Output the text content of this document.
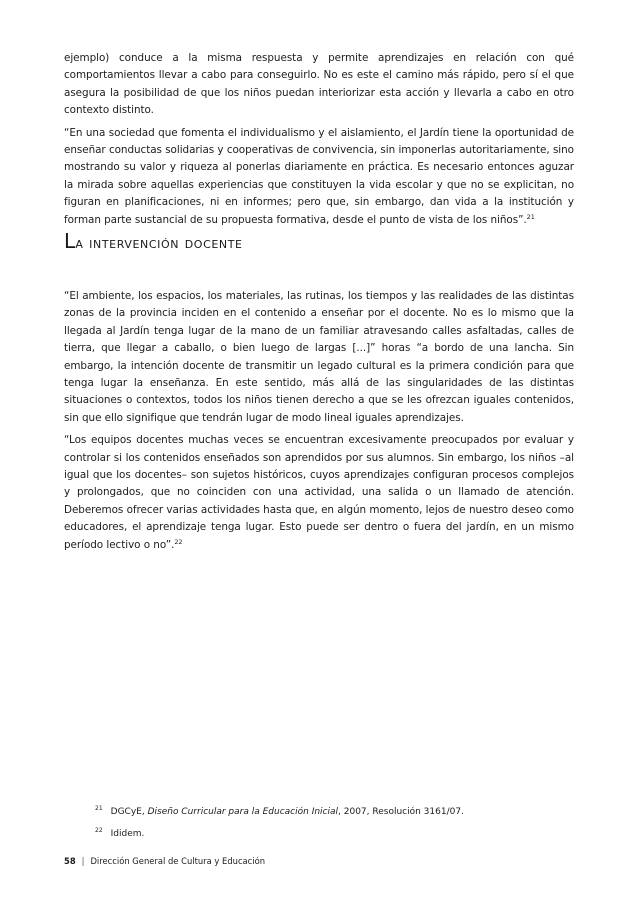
ejemplo) conduce a la misma respuesta y permite aprendizajes en relación con qué comportamientos llevar a cabo para conseguirlo. No es este el camino más rápido, pero sí el que asegura la posibilidad de que los niños puedan interiorizar esta acción y llevarla a cabo en otro contexto distinto.

“En una sociedad que fomenta el individualismo y el aislamiento, el Jardín tiene la oportunidad de enseñar conductas solidarias y cooperativas de convivencia, sin imponerlas autoritariamente, sino mostrando su valor y riqueza al ponerlas diariamente en práctica. Es necesario entonces aguzar la mirada sobre aquellas experiencias que constituyen la vida escolar y que no se explicitan, no figuran en planificaciones, ni en informes; pero que, sin embargo, dan vida a la institución y forman parte sustancial de su propuesta formativa, desde el punto de vista de los niños”.$^{21}$

La intervención docente

“El ambiente, los espacios, los materiales, las rutinas, los tiempos y las realidades de las distintas zonas de la provincia inciden en el contenido a enseñar por el docente. No es lo mismo que la llegada al Jardín tenga lugar de la mano de un familiar atravesando calles asfaltadas, calles de tierra, que llegar a caballo, o bien luego de largas [...]” horas “a bordo de una lancha. Sin embargo, la intención docente de transmitir un legado cultural es la primera condición para que tenga lugar la enseñanza. En este sentido, más allá de las singularidades de las distintas situaciones o contextos, todos los niños tienen derecho a que se les ofrezcan iguales contenidos, sin que ello signifique que tendrán lugar de modo lineal iguales aprendizajes.

“Los equipos docentes muchas veces se encuentran excesivamente preocupados por evaluar y controlar si los contenidos enseñados son aprendidos por sus alumnos. Sin embargo, los niños –al igual que los docentes– son sujetos históricos, cuyos aprendizajes configuran procesos complejos y prolongados, que no coinciden con una actividad, una salida o un llamado de atención. Deberemos ofrecer varias actividades hasta que, en algún momento, lejos de nuestro deseo como educadores, el aprendizaje tenga lugar. Esto puede ser dentro o fuera del jardín, en un mismo período lectivo o no”.$^{22}$

$^{21}$ DGCyE, Diseño Curricular para la Educación Inicial, 2007, Resolución 3161/07.

$^{22}$ Ididem.

58 | Dirección General de Cultura y Educación
